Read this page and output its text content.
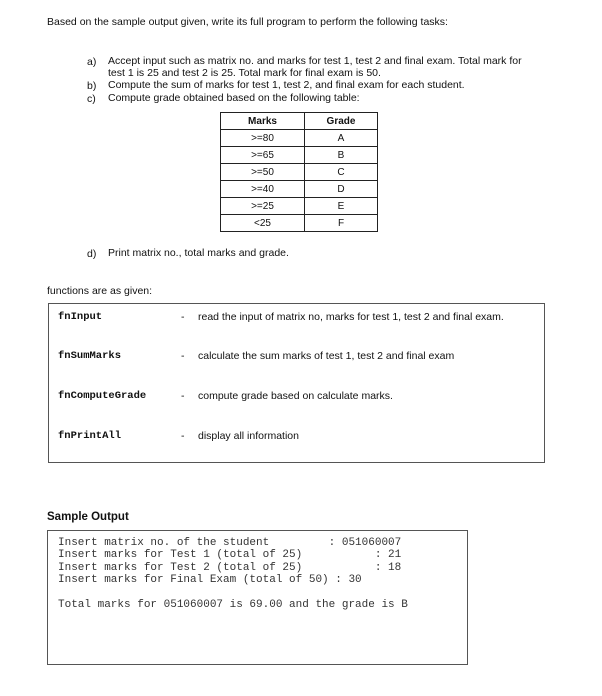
Based on the sample output given, write its full program to perform the following tasks:
a) Accept input such as matrix no. and marks for test 1, test 2 and final exam. Total mark for
test 1 is 25 and test 2 is 25. Total mark for final exam is 50.
b) Compute the sum of marks for test 1, test 2, and final exam for each student.
c) Compute grade obtained based on the following table:
Marks	Grade
>=80	A
>=65	B
>=50	C
>=40	D
>=25	E
<25	F
d) Print matrix no., total marks and grade.
functions are as given:
fnInput	- read the input of matrix no, marks for test 1, test 2 and final exam.
fnSumMarks	- calculate the sum marks of test 1, test 2 and final exam
fnComputeGrade	- compute grade based on calculate marks.
fnPrintAll	- display all information
Sample Output
Insert matrix no. of the student         : 051060007
Insert marks for Test 1 (total of 25)           : 21
Insert marks for Test 2 (total of 25)           : 18
Insert marks for Final Exam (total of 50) : 30

Total marks for 051060007 is 69.00 and the grade is B
